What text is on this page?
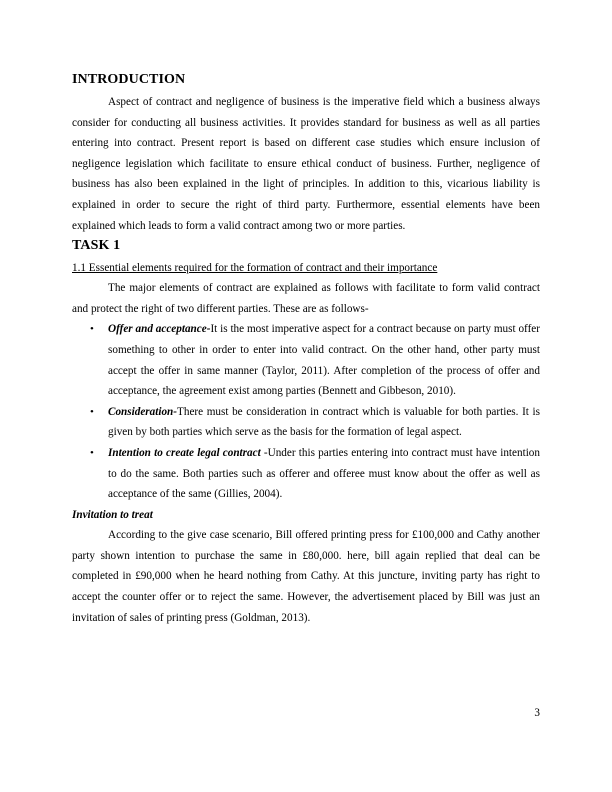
INTRODUCTION

Aspect of contract and negligence of business is the imperative field which a business always consider for conducting all business activities. It provides standard for business as well as all parties entering into contract. Present report is based on different case studies which ensure inclusion of negligence legislation which facilitate to ensure ethical conduct of business. Further, negligence of business has also been explained in the light of principles. In addition to this, vicarious liability is explained in order to secure the right of third party. Furthermore, essential elements have been explained which leads to form a valid contract among two or more parties.

TASK 1

1.1 Essential elements required for the formation of contract and their importance

The major elements of contract are explained as follows with facilitate to form valid contract and protect the right of two different parties. These are as follows-

• Offer and acceptance-It is the most imperative aspect for a contract because on party must offer something to other in order to enter into valid contract. On the other hand, other party must accept the offer in same manner (Taylor, 2011). After completion of the process of offer and acceptance, the agreement exist among parties (Bennett and Gibbeson, 2010).
• Consideration-There must be consideration in contract which is valuable for both parties. It is given by both parties which serve as the basis for the formation of legal aspect.
• Intention to create legal contract -Under this parties entering into contract must have intention to do the same. Both parties such as offerer and offeree must know about the offer as well as acceptance of the same (Gillies, 2004).

Invitation to treat

According to the give case scenario, Bill offered printing press for £100,000 and Cathy another party shown intention to purchase the same in £80,000. here, bill again replied that deal can be completed in £90,000 when he heard nothing from Cathy. At this juncture, inviting party has right to accept the counter offer or to reject the same. However, the advertisement placed by Bill was just an invitation of sales of printing press (Goldman, 2013).

3
